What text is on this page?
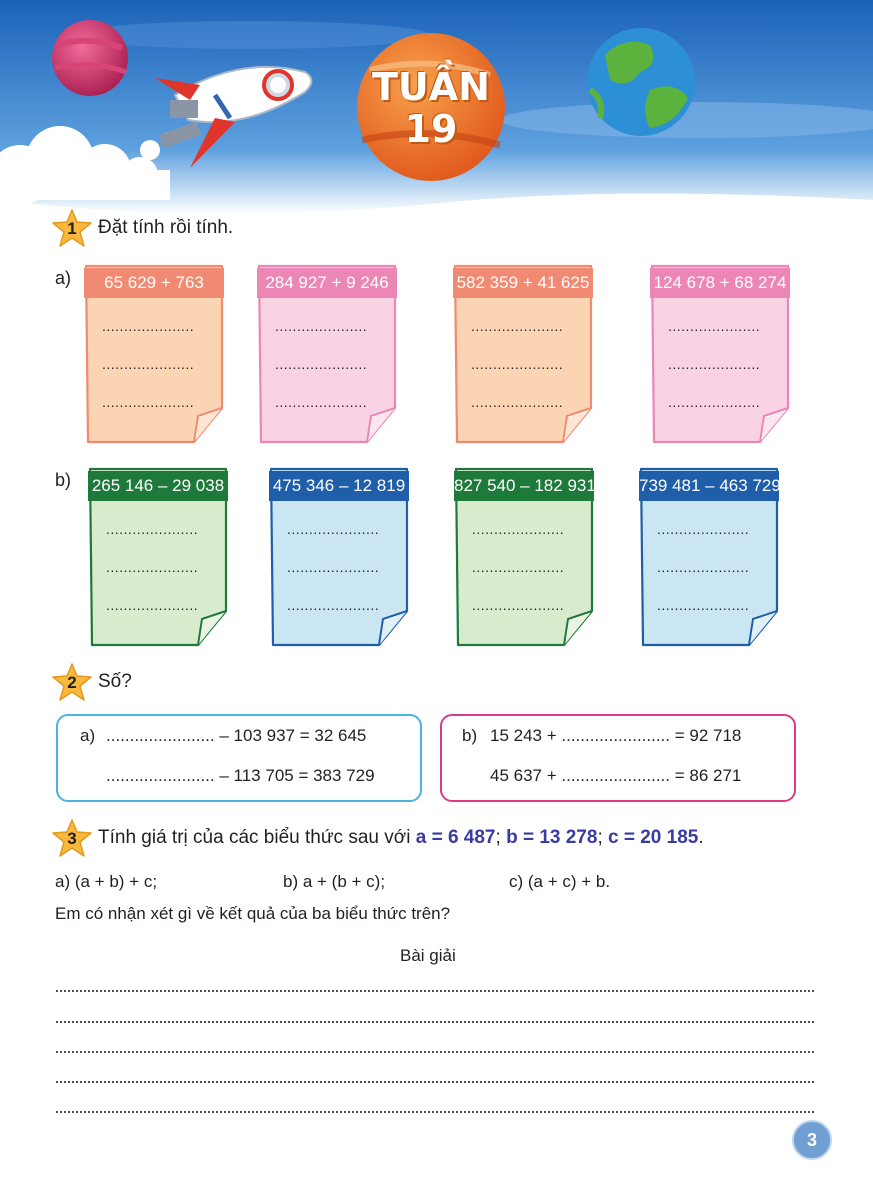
TUẦN
19
1	Đặt tính rồi tính.
a)
b)
65 629 + 763
.....................
.....................
.....................
284 927 + 9 246
.....................
.....................
.....................
582 359 + 41 625
.....................
.....................
.....................
124 678 + 68 274
.....................
.....................
.....................
265 146 – 29 038
.....................
.....................
.....................
475 346 – 12 819
.....................
.....................
.....................
827 540 – 182 931
.....................
.....................
.....................
739 481 – 463 729
.....................
.....................
.....................
2	Số?
a) ....................... – 103 937 = 32 645
....................... – 113 705 = 383 729
b) 15 243 + ....................... = 92 718
45 637 + ....................... = 86 271
3	Tính giá trị của các biểu thức sau với a = 6 487; b = 13 278; c = 20 185.
a) (a + b) + c;	b) a + (b + c);	c) (a + c) + b.
Em có nhận xét gì về kết quả của ba biểu thức trên?
Bài giải
3
